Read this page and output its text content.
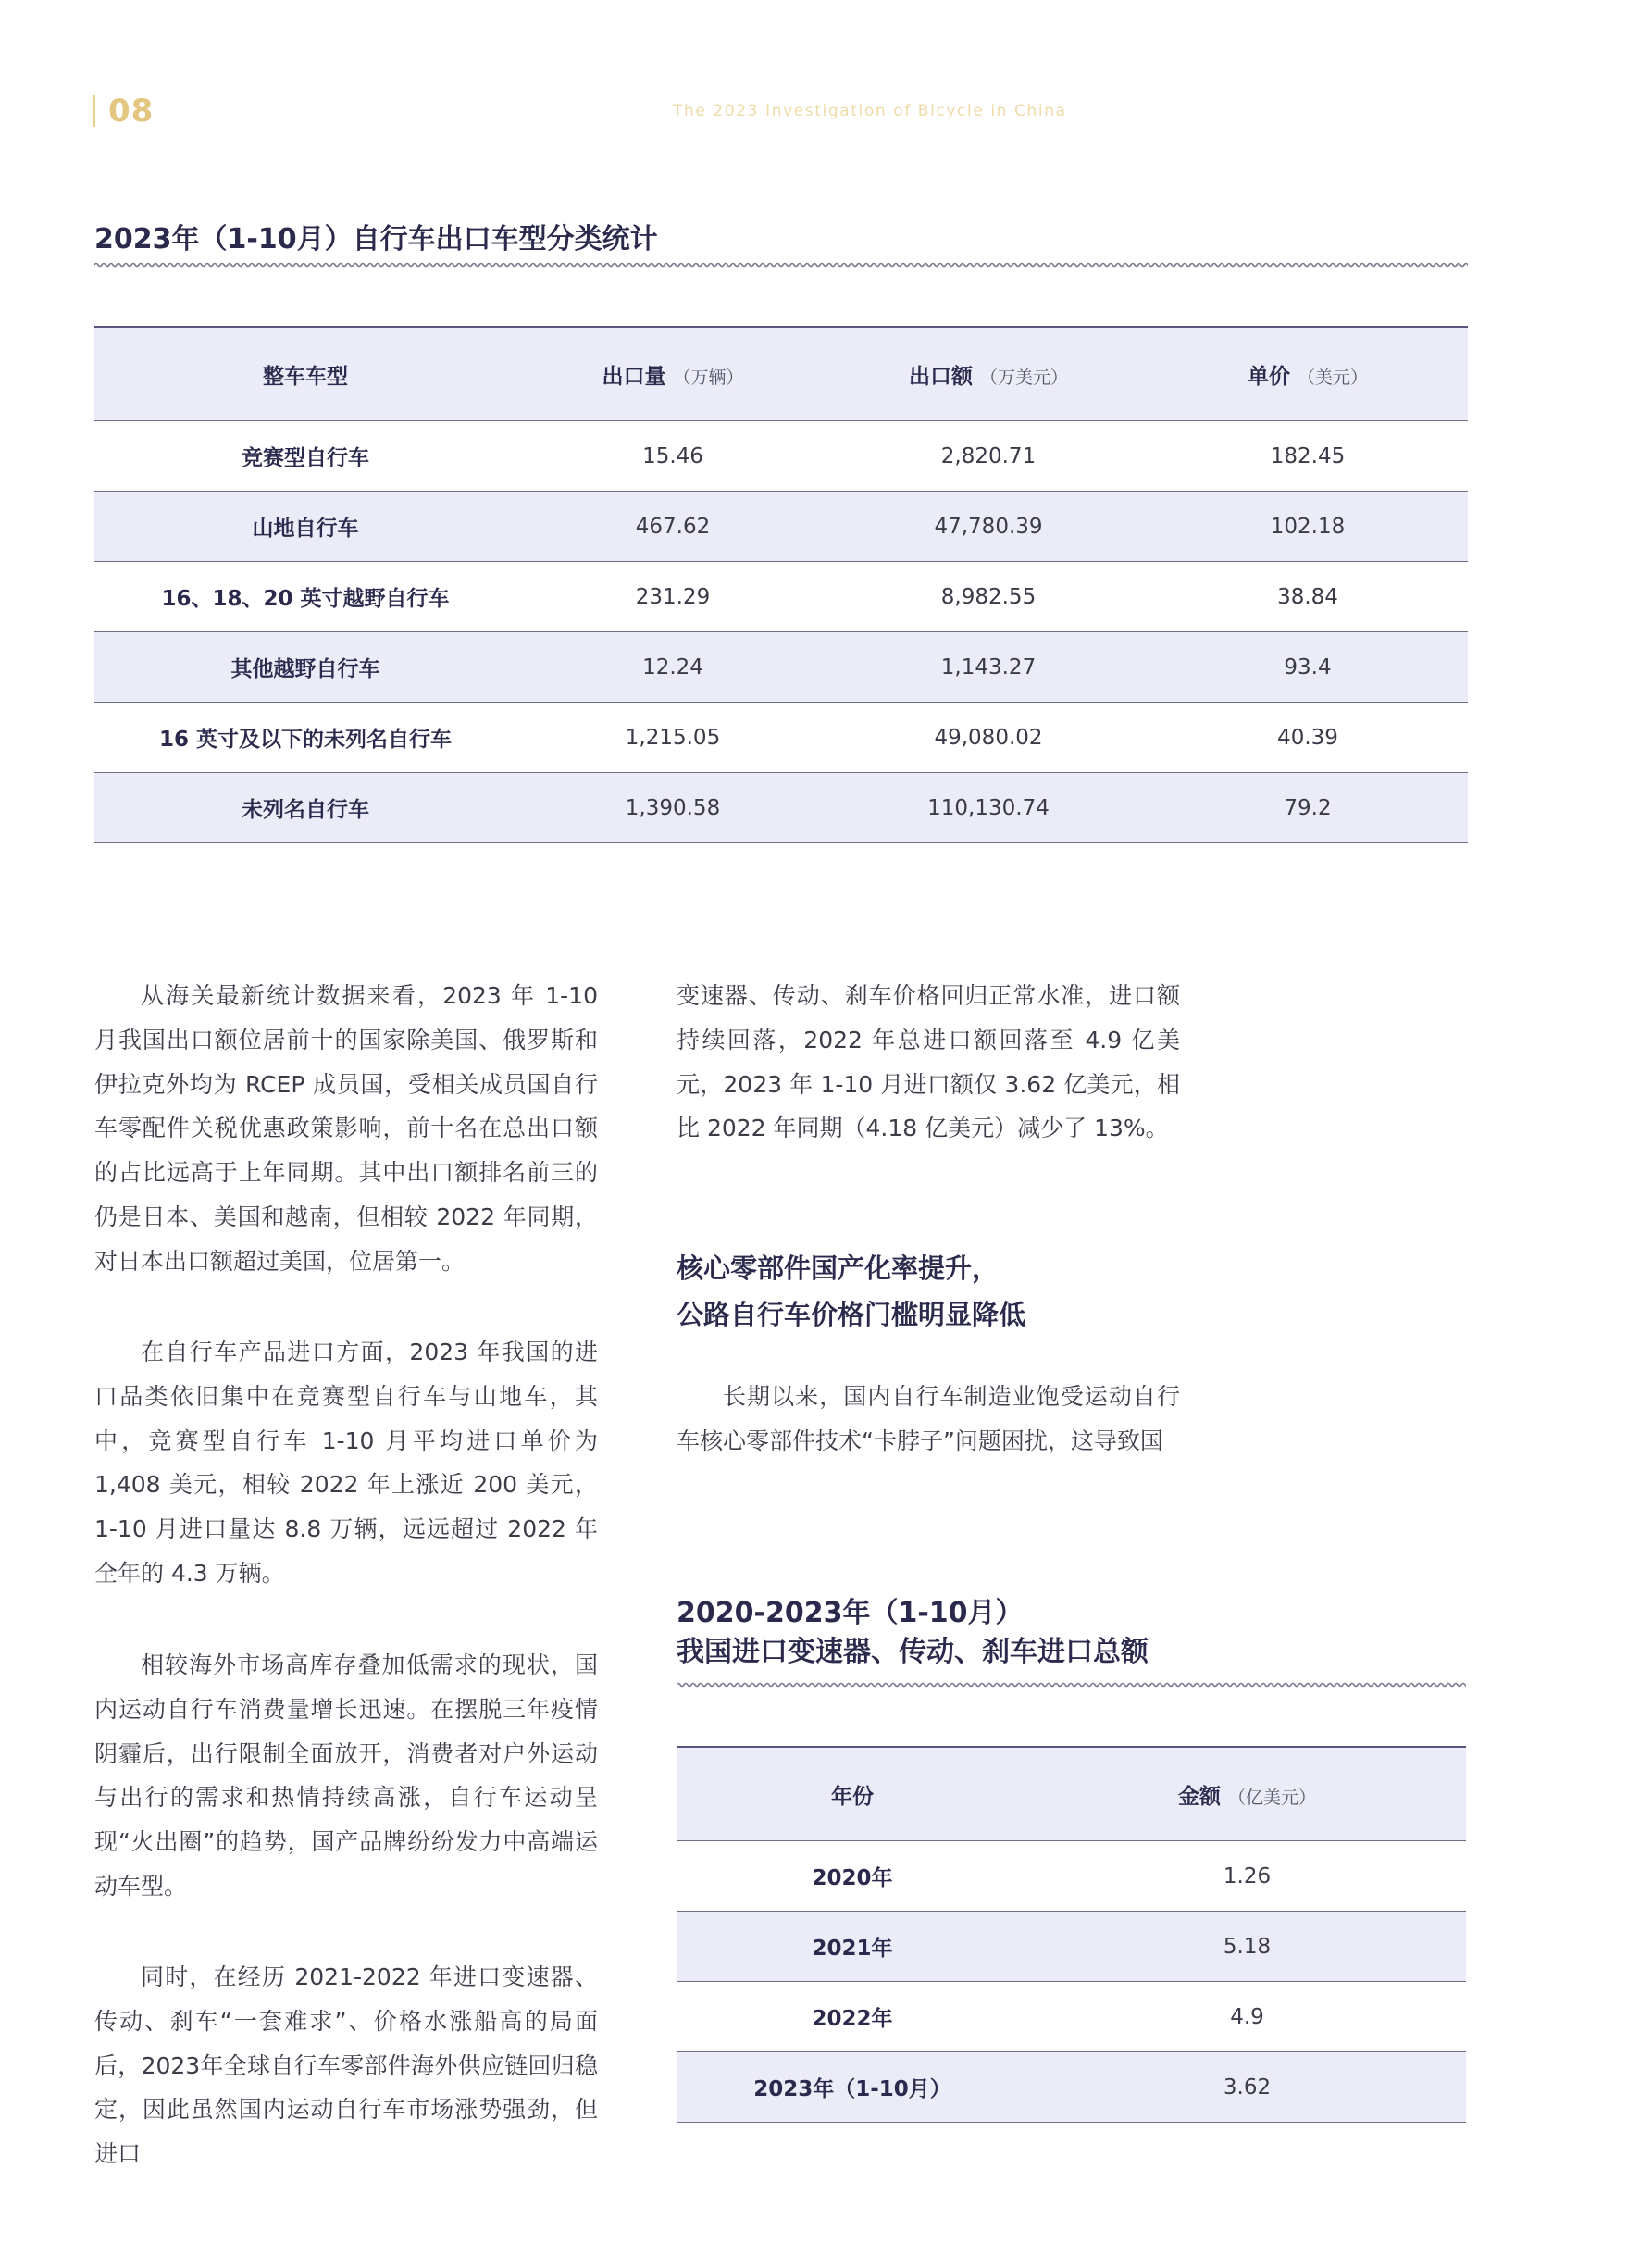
08	The 2023 Investigation of Bicycle in China
2023年（1-10月）自行车出口车型分类统计
整车车型	出口量 （万辆）	出口额 （万美元）	单价 （美元）
竞赛型自行车	15.46	2,820.71	182.45
山地自行车	467.62	47,780.39	102.18
16、18、20 英寸越野自行车	231.29	8,982.55	38.84
其他越野自行车	12.24	1,143.27	93.4
16 英寸及以下的未列名自行车	1,215.05	49,080.02	40.39
未列名自行车	1,390.58	110,130.74	79.2

从海关最新统计数据来看，2023 年 1-10 月我国出口额位居前十的国家除美国、俄罗斯和伊拉克外均为 RCEP 成员国，受相关成员国自行车零配件关税优惠政策影响，前十名在总出口额的占比远高于上年同期。其中出口额排名前三的仍是日本、美国和越南，但相较 2022 年同期，对日本出口额超过美国，位居第一。

在自行车产品进口方面，2023 年我国的进口品类依旧集中在竞赛型自行车与山地车，其中，竞赛型自行车 1-10 月平均进口单价为 1,408 美元，相较 2022 年上涨近 200 美元，1-10 月进口量达 8.8 万辆，远远超过 2022 年全年的 4.3 万辆。

相较海外市场高库存叠加低需求的现状，国内运动自行车消费量增长迅速。在摆脱三年疫情阴霾后，出行限制全面放开，消费者对户外运动与出行的需求和热情持续高涨，自行车运动呈现“火出圈”的趋势，国产品牌纷纷发力中高端运动车型。

同时，在经历 2021-2022 年进口变速器、传动、刹车“一套难求”、价格水涨船高的局面后，2023年全球自行车零部件海外供应链回归稳定，因此虽然国内运动自行车市场涨势强劲，但进口

变速器、传动、刹车价格回归正常水准，进口额持续回落，2022 年总进口额回落至 4.9 亿美元，2023 年 1-10 月进口额仅 3.62 亿美元，相比 2022 年同期（4.18 亿美元）减少了 13%。

核心零部件国产化率提升，
公路自行车价格门槛明显降低

长期以来，国内自行车制造业饱受运动自行车核心零部件技术“卡脖子”问题困扰，这导致国

2020-2023年（1-10月）
我国进口变速器、传动、刹车进口总额
年份	金额 （亿美元）
2020年	1.26
2021年	5.18
2022年	4.9
2023年（1-10月）	3.62
